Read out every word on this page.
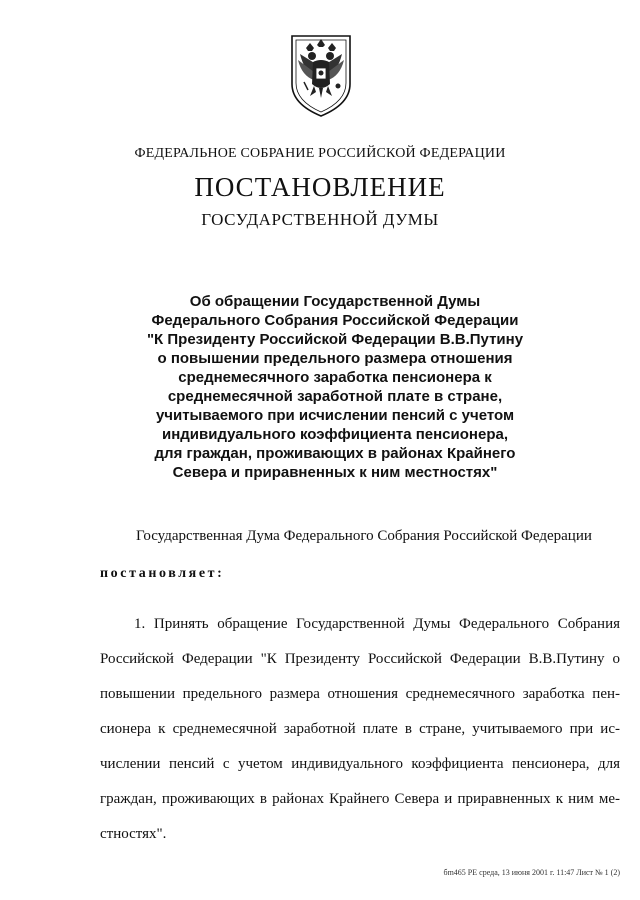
ФЕДЕРАЛЬНОЕ СОБРАНИЕ РОССИЙСКОЙ ФЕДЕРАЦИИ
ПОСТАНОВЛЕНИЕ
ГОСУДАРСТВЕННОЙ ДУМЫ
Об обращении Государственной Думы
Федерального Собрания Российской Федерации
"К Президенту Российской Федерации В.В.Путину
о повышении предельного размера отношения
среднемесячного заработка пенсионера к
среднемесячной заработной плате в стране,
учитываемого при исчислении пенсий с учетом
индивидуального коэффициента пенсионера,
для граждан, проживающих в районах Крайнего
Севера и приравненных к ним местностях"
Государственная Дума Федерального Собрания Российской Федерации
постановляет:
1. Принять обращение Государственной Думы Федерального Собрания
Российской Федерации "К Президенту Российской Федерации В.В.Путину о
повышении предельного размера отношения среднемесячного заработка пен-
сионера к среднемесячной заработной плате в стране, учитываемого при ис-
числении пенсий с учетом индивидуального коэффициента пенсионера, для
граждан, проживающих в районах Крайнего Севера и приравненных к ним ме-
стностях".
бm465 РЕ среда, 13 июня 2001 г. 11:47 Лист № 1 (2)
